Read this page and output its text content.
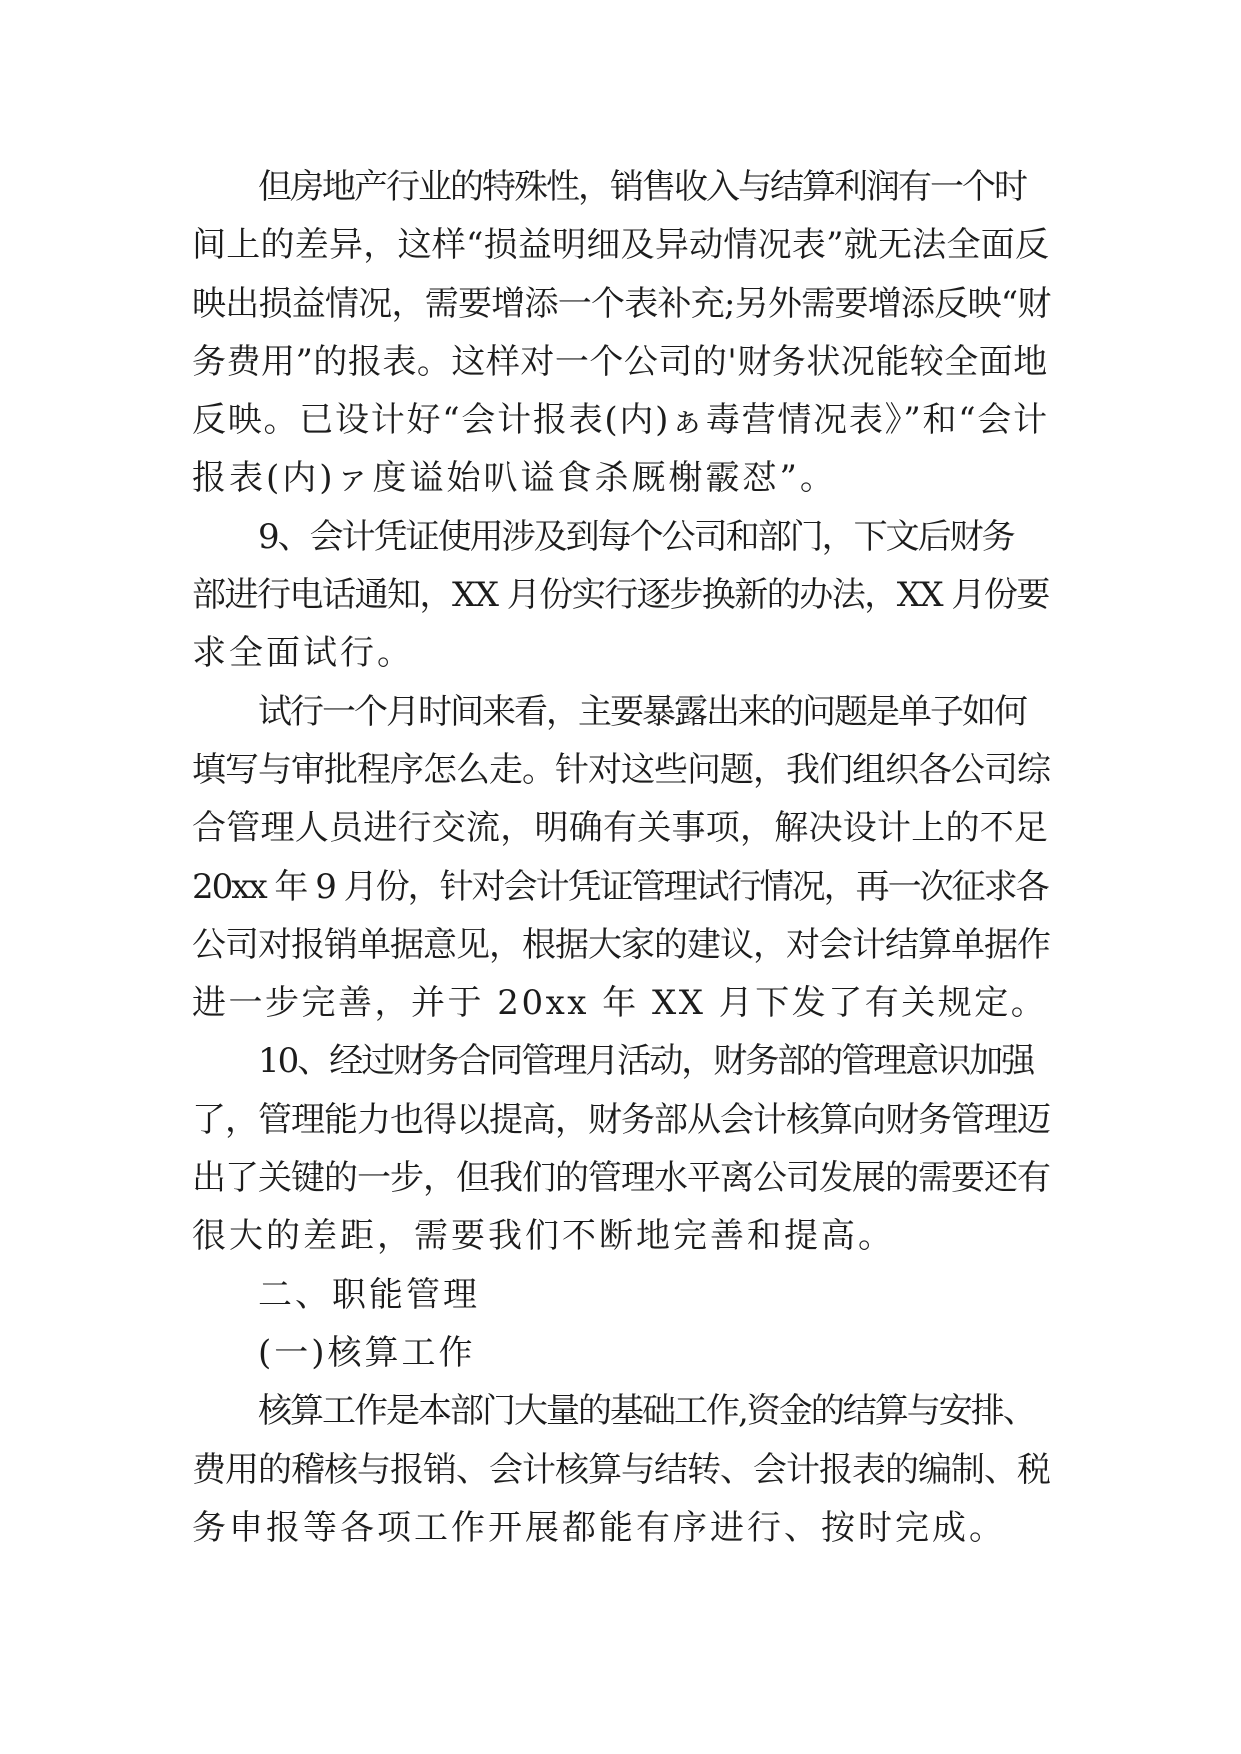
但房地产行业的特殊性，销售收入与结算利润有一个时
间上的差异，这样“损益明细及异动情况表”就无法全面反
映出损益情况，需要增添一个表补充;另外需要增添反映“财
务费用”的报表。这样对一个公司的'财务状况能较全面地
反映。已设计好“会计报表(内)ぁ毒营情况表》”和“会计
报表(内)ァ度谥始叭谥食杀厩榭霰怼”。
9、会计凭证使用涉及到每个公司和部门，下文后财务
部进行电话通知，XX 月份实行逐步换新的办法，XX 月份要
求全面试行。
试行一个月时间来看，主要暴露出来的问题是单子如何
填写与审批程序怎么走。针对这些问题，我们组织各公司综
合管理人员进行交流，明确有关事项，解决设计上的不足
20xx 年 9 月份，针对会计凭证管理试行情况，再一次征求各
公司对报销单据意见，根据大家的建议，对会计结算单据作
进一步完善，并于 20xx 年 XX 月下发了有关规定。
10、经过财务合同管理月活动，财务部的管理意识加强
了，管理能力也得以提高，财务部从会计核算向财务管理迈
出了关键的一步，但我们的管理水平离公司发展的需要还有
很大的差距，需要我们不断地完善和提高。
二、职能管理
(一)核算工作
核算工作是本部门大量的基础工作,资金的结算与安排、
费用的稽核与报销、会计核算与结转、会计报表的编制、税
务申报等各项工作开展都能有序进行、按时完成。
